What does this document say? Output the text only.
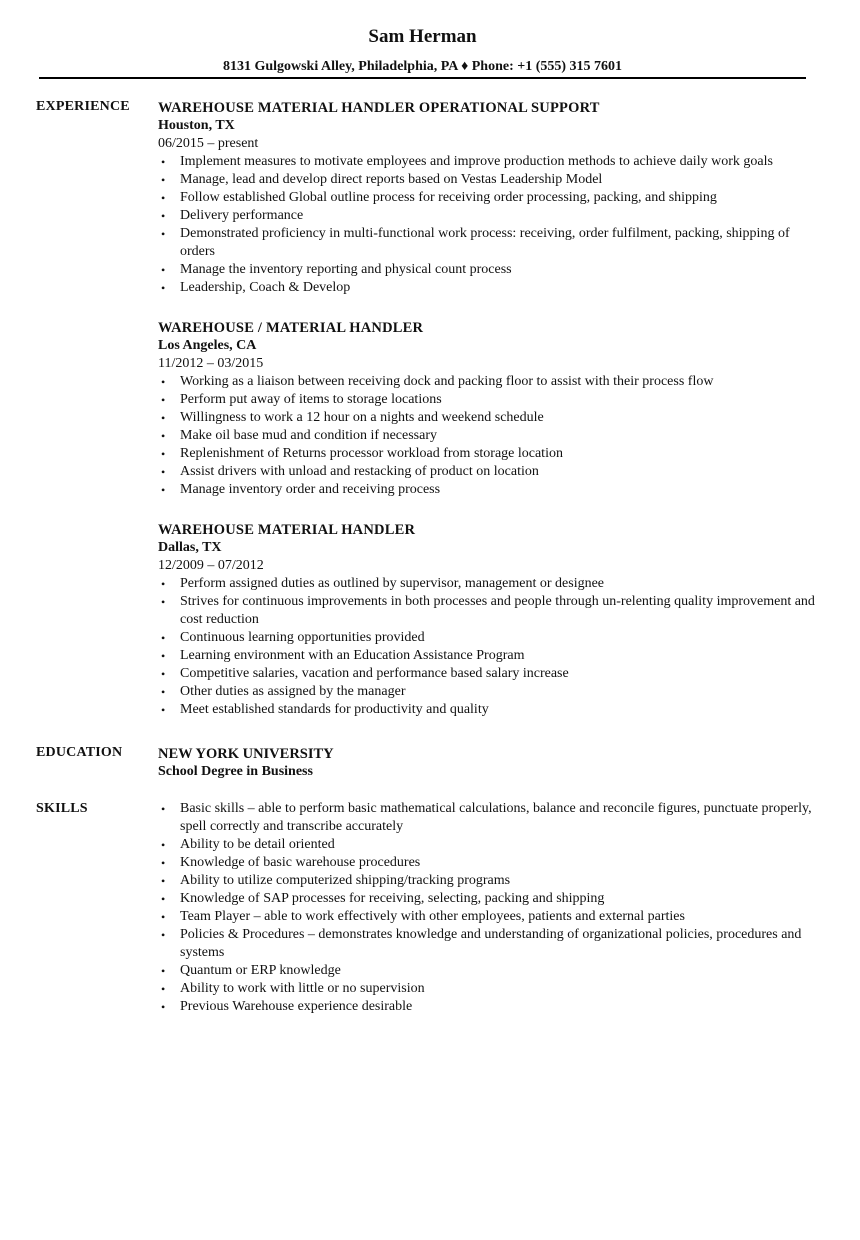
Sam Herman
8131 Gulgowski Alley, Philadelphia, PA ♦ Phone: +1 (555) 315 7601
EXPERIENCE WAREHOUSE MATERIAL HANDLER OPERATIONAL SUPPORT
Houston, TX
06/2015 – present
• Implement measures to motivate employees and improve production methods to achieve daily work goals
• Manage, lead and develop direct reports based on Vestas Leadership Model
• Follow established Global outline process for receiving order processing, packing, and shipping
• Delivery performance
• Demonstrated proficiency in multi-functional work process: receiving, order fulfilment, packing, shipping of orders
• Manage the inventory reporting and physical count process
• Leadership, Coach & Develop
WAREHOUSE / MATERIAL HANDLER
Los Angeles, CA
11/2012 – 03/2015
• Working as a liaison between receiving dock and packing floor to assist with their process flow
• Perform put away of items to storage locations
• Willingness to work a 12 hour on a nights and weekend schedule
• Make oil base mud and condition if necessary
• Replenishment of Returns processor workload from storage location
• Assist drivers with unload and restacking of product on location
• Manage inventory order and receiving process
WAREHOUSE MATERIAL HANDLER
Dallas, TX
12/2009 – 07/2012
• Perform assigned duties as outlined by supervisor, management or designee
• Strives for continuous improvements in both processes and people through un-relenting quality improvement and cost reduction
• Continuous learning opportunities provided
• Learning environment with an Education Assistance Program
• Competitive salaries, vacation and performance based salary increase
• Other duties as assigned by the manager
• Meet established standards for productivity and quality
EDUCATION NEW YORK UNIVERSITY
School Degree in Business
SKILLS
•	Basic skills – able to perform basic mathematical calculations, balance and reconcile figures, punctuate properly, spell correctly and transcribe accurately
• Ability to be detail oriented
• Knowledge of basic warehouse procedures
• Ability to utilize computerized shipping/tracking programs
• Knowledge of SAP processes for receiving, selecting, packing and shipping
• Team Player – able to work effectively with other employees, patients and external parties
• Policies & Procedures – demonstrates knowledge and understanding of organizational policies, procedures and systems
• Quantum or ERP knowledge
• Ability to work with little or no supervision
• Previous Warehouse experience desirable
